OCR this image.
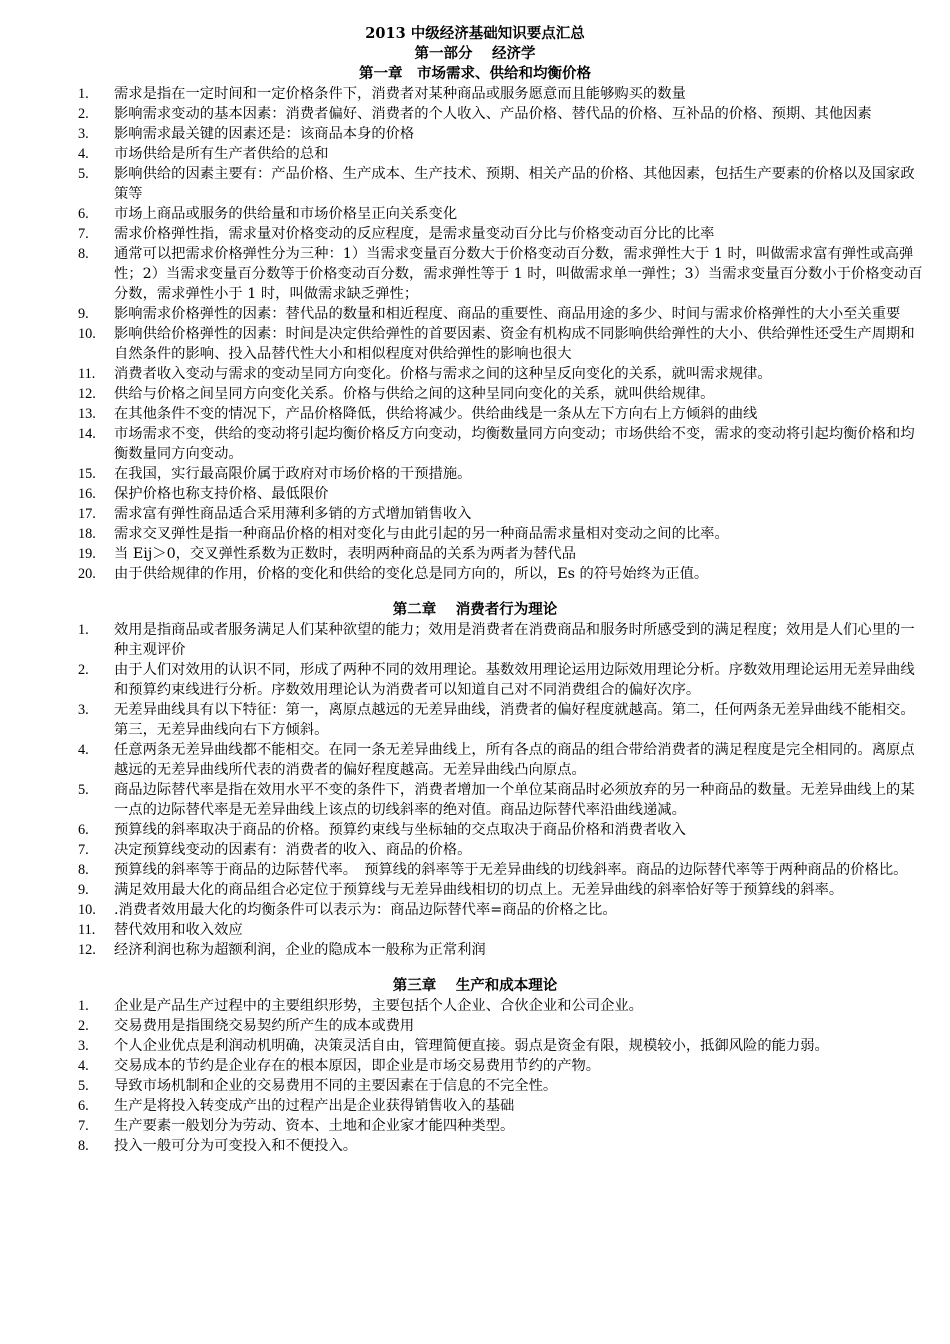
2013 中级经济基础知识要点汇总
第一部分　 经济学
第一章　市场需求、供给和均衡价格
1.	需求是指在一定时间和一定价格条件下，消费者对某种商品或服务愿意而且能够购买的数量
2.	影响需求变动的基本因素：消费者偏好、消费者的个人收入、产品价格、替代品的价格、互补品的价格、预期、其他因素
3.	影响需求最关键的因素还是：该商品本身的价格
4.	市场供给是所有生产者供给的总和
5.	影响供给的因素主要有：产品价格、生产成本、生产技术、预期、相关产品的价格、其他因素，包括生产要素的价格以及国家政策等
6.	市场上商品或服务的供给量和市场价格呈正向关系变化
7.	需求价格弹性指，需求量对价格变动的反应程度，是需求量变动百分比与价格变动百分比的比率
8.	通常可以把需求价格弹性分为三种：1）当需求变量百分数大于价格变动百分数，需求弹性大于 1 时，叫做需求富有弹性或高弹性；2）当需求变量百分数等于价格变动百分数，需求弹性等于 1 时，叫做需求单一弹性；3）当需求变量百分数小于价格变动百分数，需求弹性小于 1 时，叫做需求缺乏弹性；
9.	影响需求价格弹性的因素：替代品的数量和相近程度、商品的重要性、商品用途的多少、时间与需求价格弹性的大小至关重要
10.	影响供给价格弹性的因素：时间是决定供给弹性的首要因素、资金有机构成不同影响供给弹性的大小、供给弹性还受生产周期和自然条件的影响、投入品替代性大小和相似程度对供给弹性的影响也很大
11.	消费者收入变动与需求的变动呈同方向变化。价格与需求之间的这种呈反向变化的关系，就叫需求规律。
12.	供给与价格之间呈同方向变化关系。价格与供给之间的这种呈同向变化的关系，就叫供给规律。
13.	在其他条件不变的情况下，产品价格降低，供给将减少。供给曲线是一条从左下方向右上方倾斜的曲线
14.	市场需求不变，供给的变动将引起均衡价格反方向变动，均衡数量同方向变动；市场供给不变，需求的变动将引起均衡价格和均衡数量同方向变动。
15.	在我国，实行最高限价属于政府对市场价格的干预措施。
16.	保护价格也称支持价格、最低限价
17.	需求富有弹性商品适合采用薄利多销的方式增加销售收入
18.	需求交叉弹性是指一种商品价格的相对变化与由此引起的另一种商品需求量相对变动之间的比率。
19.	当 Eij＞0，交叉弹性系数为正数时，表明两种商品的关系为两者为替代品
20.	由于供给规律的作用，价格的变化和供给的变化总是同方向的，所以，Es 的符号始终为正值。
第二章　 消费者行为理论
1.	效用是指商品或者服务满足人们某种欲望的能力；效用是消费者在消费商品和服务时所感受到的满足程度；效用是人们心里的一种主观评价
2.	由于人们对效用的认识不同，形成了两种不同的效用理论。基数效用理论运用边际效用理论分析。序数效用理论运用无差异曲线和预算约束线进行分析。序数效用理论认为消费者可以知道自己对不同消费组合的偏好次序。
3.	无差异曲线具有以下特征：第一，离原点越远的无差异曲线，消费者的偏好程度就越高。第二，任何两条无差异曲线不能相交。第三，无差异曲线向右下方倾斜。
4.	任意两条无差异曲线都不能相交。在同一条无差异曲线上，所有各点的商品的组合带给消费者的满足程度是完全相同的。离原点越远的无差异曲线所代表的消费者的偏好程度越高。无差异曲线凸向原点。
5.	商品边际替代率是指在效用水平不变的条件下，消费者增加一个单位某商品时必须放弃的另一种商品的数量。无差异曲线上的某一点的边际替代率是无差异曲线上该点的切线斜率的绝对值。商品边际替代率沿曲线递减。
6.	预算线的斜率取决于商品的价格。预算约束线与坐标轴的交点取决于商品价格和消费者收入
7.	决定预算线变动的因素有：消费者的收入、商品的价格。
8.	预算线的斜率等于商品的边际替代率。　预算线的斜率等于无差异曲线的切线斜率。商品的边际替代率等于两种商品的价格比。
9.	满足效用最大化的商品组合必定位于预算线与无差异曲线相切的切点上。无差异曲线的斜率恰好等于预算线的斜率。
10.	.消费者效用最大化的均衡条件可以表示为：商品边际替代率=商品的价格之比。
11.	替代效用和收入效应
12.	经济利润也称为超额利润，企业的隐成本一般称为正常利润
第三章　 生产和成本理论
1.	企业是产品生产过程中的主要组织形势，主要包括个人企业、合伙企业和公司企业。
2.	交易费用是指围绕交易契约所产生的成本或费用
3.	个人企业优点是利润动机明确，决策灵活自由，管理简便直接。弱点是资金有限，规模较小，抵御风险的能力弱。
4.	交易成本的节约是企业存在的根本原因，即企业是市场交易费用节约的产物。
5.	导致市场机制和企业的交易费用不同的主要因素在于信息的不完全性。
6.	生产是将投入转变成产出的过程产出是企业获得销售收入的基础
7.	生产要素一般划分为劳动、资本、土地和企业家才能四种类型。
8.	投入一般可分为可变投入和不便投入。
